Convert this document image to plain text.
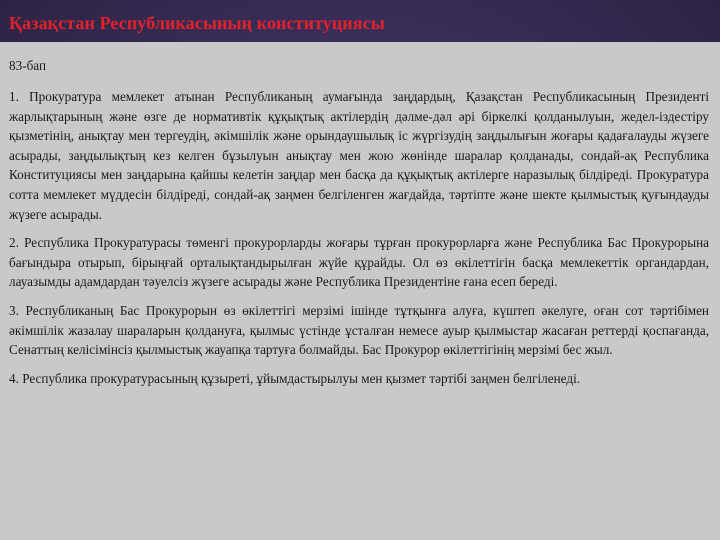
Қазақстан Республикасының конституциясы
83-бап

1. Прокуратура мемлекет атынан Республиканың аумағында заңдардың, Қазақстан Республикасының Президенті жарлықтарының және өзге де нормативтік құқықтық актілердің дәлме-дәл әрі біркелкі қолданылуын, жедел-іздестіру қызметінің, анықтау мен тергеудің, әкімшілік және орындаушылық іс жүргізудің заңдылығын жоғары қадағалауды жүзеге асырады, заңдылықтың кез келген бұзылуын анықтау мен жою жөнінде шаралар қолданады, сондай-ақ Республика Конституциясы мен заңдарына қайшы келетін заңдар мен басқа да құқықтық актілерге наразылық білдіреді. Прокуратура сотта мемлекет мүддесін білдіреді, сондай-ақ заңмен белгіленген жағдайда, тәртіпте және шекте қылмыстық қуғындауды жүзеге асырады.

2. Республика Прокуратурасы төменгі прокурорларды жоғары тұрған прокурорларға және Республика Бас Прокурорына бағындыра отырып, бірыңғай орталықтандырылған жүйе құрайды. Ол өз өкілеттігін басқа мемлекеттік органдардан, лауазымды адамдардан тәуелсіз жүзеге асырады және Республика Президентіне ғана есеп береді.

3. Республиканың Бас Прокурорын өз өкілеттігі мерзімі ішінде тұтқынға алуға, күштеп әкелуге, оған сот тәртібімен әкімшілік жазалау шараларын қолдануға, қылмыс үстінде ұсталған немесе ауыр қылмыстар жасаған реттерді қоспағанда, Сенаттың келісімінсіз қылмыстық жауапқа тартуға болмайды. Бас Прокурор өкілеттігінің мерзімі бес жыл.

4. Республика прокуратурасының құзыреті, ұйымдастырылуы мен қызмет тәртібі заңмен белгіленеді.
